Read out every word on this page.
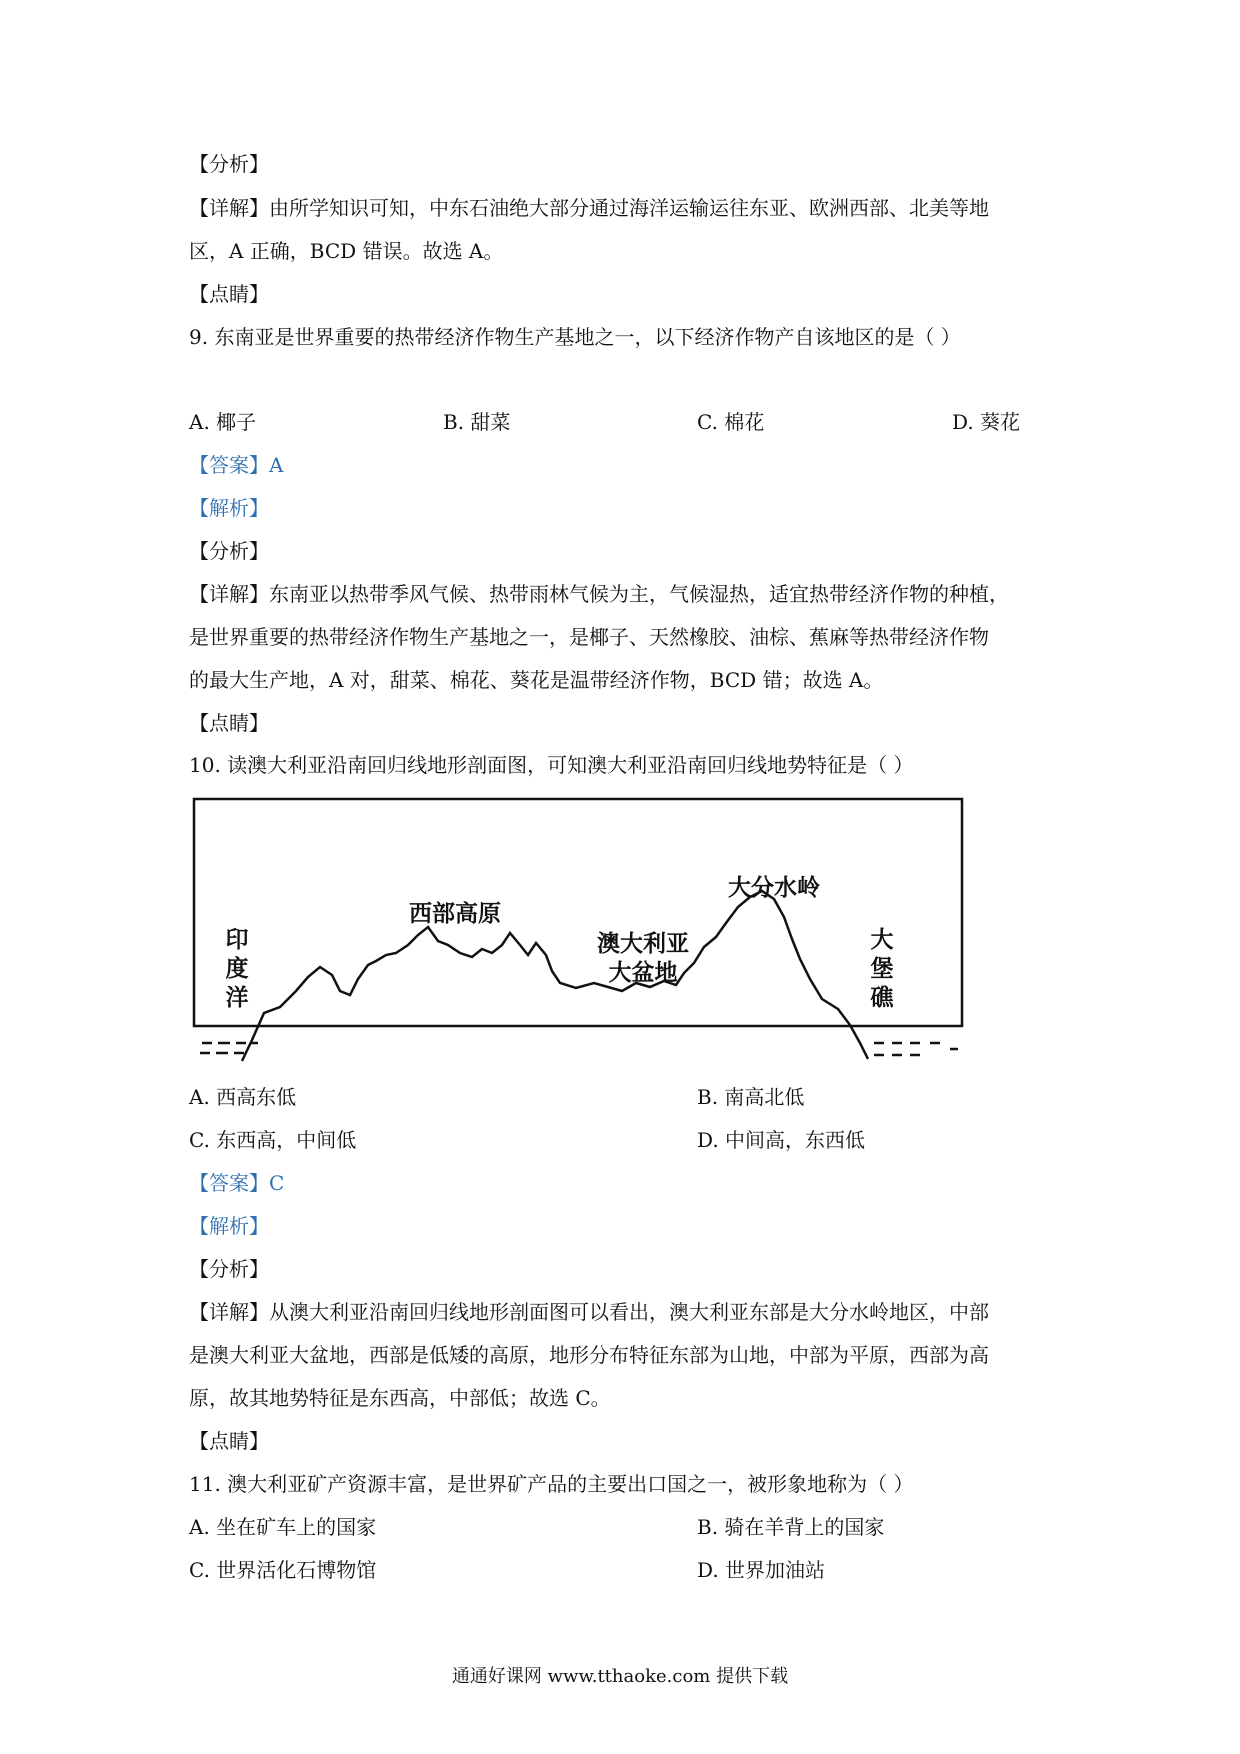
【分析】
【详解】由所学知识可知，中东石油绝大部分通过海洋运输运往东亚、欧洲西部、北美等地
区，A 正确，BCD 错误。故选 A。
【点睛】
9. 东南亚是世界重要的热带经济作物生产基地之一，以下经济作物产自该地区的是（ ）
A. 椰子	B. 甜菜	C. 棉花	D. 葵花
【答案】A
【解析】
【分析】
【详解】东南亚以热带季风气候、热带雨林气候为主，气候湿热，适宜热带经济作物的种植，
是世界重要的热带经济作物生产基地之一，是椰子、天然橡胶、油棕、蕉麻等热带经济作物
的最大生产地，A 对，甜菜、棉花、葵花是温带经济作物，BCD 错；故选 A。
【点睛】
10. 读澳大利亚沿南回归线地形剖面图，可知澳大利亚沿南回归线地势特征是（ ）
印
度
洋
西部高原
澳大利亚
大盆地
大分水岭
大
堡
礁
A. 西高东低	B. 南高北低
C. 东西高，中间低	D. 中间高，东西低
【答案】C
【解析】
【分析】
【详解】从澳大利亚沿南回归线地形剖面图可以看出，澳大利亚东部是大分水岭地区，中部
是澳大利亚大盆地，西部是低矮的高原，地形分布特征东部为山地，中部为平原，西部为高
原，故其地势特征是东西高，中部低；故选 C。
【点睛】
11. 澳大利亚矿产资源丰富，是世界矿产品的主要出口国之一，被形象地称为（ ）
A. 坐在矿车上的国家	B. 骑在羊背上的国家
C. 世界活化石博物馆	D. 世界加油站
通通好课网 www.tthaoke.com 提供下载
